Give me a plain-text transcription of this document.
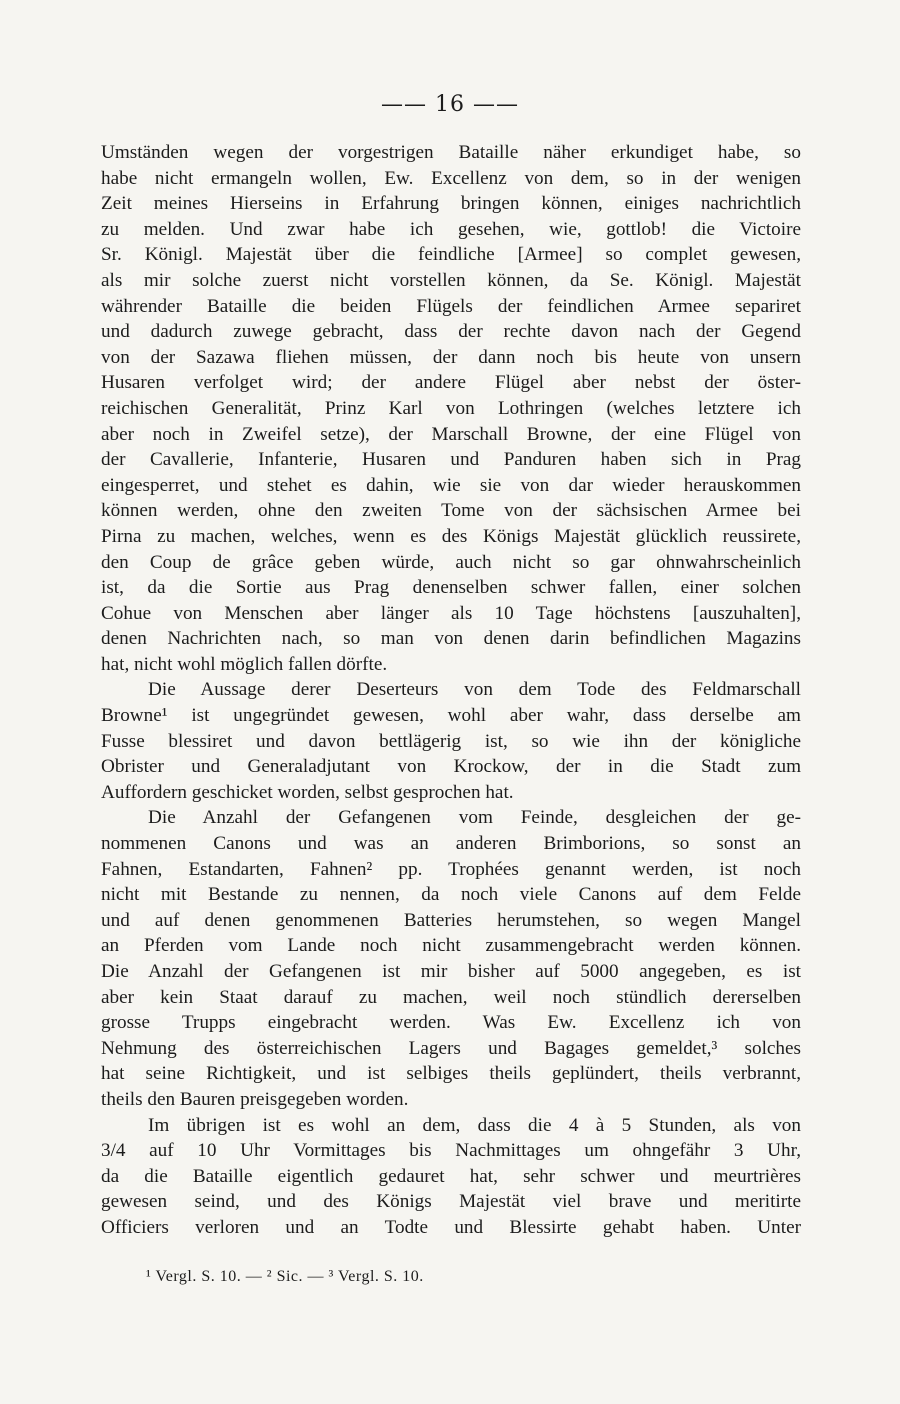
—— 16 ——

Umständen wegen der vorgestrigen Bataille näher erkundiget habe, so
habe nicht ermangeln wollen, Ew. Excellenz von dem, so in der wenigen
Zeit meines Hierseins in Erfahrung bringen können, einiges nachrichtlich
zu melden. Und zwar habe ich gesehen, wie, gottlob! die Victoire
Sr. Königl. Majestät über die feindliche [Armee] so complet gewesen,
als mir solche zuerst nicht vorstellen können, da Se. Königl. Majestät
währender Bataille die beiden Flügels der feindlichen Armee separiret
und dadurch zuwege gebracht, dass der rechte davon nach der Gegend
von der Sazawa fliehen müssen, der dann noch bis heute von unsern
Husaren verfolget wird; der andere Flügel aber nebst der öster-
reichischen Generalität, Prinz Karl von Lothringen (welches letztere ich
aber noch in Zweifel setze), der Marschall Browne, der eine Flügel von
der Cavallerie, Infanterie, Husaren und Panduren haben sich in Prag
eingesperret, und stehet es dahin, wie sie von dar wieder herauskommen
können werden, ohne den zweiten Tome von der sächsischen Armee bei
Pirna zu machen, welches, wenn es des Königs Majestät glücklich reussirete,
den Coup de grâce geben würde, auch nicht so gar ohnwahrscheinlich
ist, da die Sortie aus Prag denenselben schwer fallen, einer solchen
Cohue von Menschen aber länger als 10 Tage höchstens [auszuhalten],
denen Nachrichten nach, so man von denen darin befindlichen Magazins
hat, nicht wohl möglich fallen dörfte.

Die Aussage derer Deserteurs von dem Tode des Feldmarschall
Browne¹ ist ungegründet gewesen, wohl aber wahr, dass derselbe am
Fusse blessiret und davon bettlägerig ist, so wie ihn der königliche
Obrister und Generaladjutant von Krockow, der in die Stadt zum
Auffordern geschicket worden, selbst gesprochen hat.

Die Anzahl der Gefangenen vom Feinde, desgleichen der ge-
nommenen Canons und was an anderen Brimborions, so sonst an
Fahnen, Estandarten, Fahnen² pp. Trophées genannt werden, ist noch
nicht mit Bestande zu nennen, da noch viele Canons auf dem Felde
und auf denen genommenen Batteries herumstehen, so wegen Mangel
an Pferden vom Lande noch nicht zusammengebracht werden können.
Die Anzahl der Gefangenen ist mir bisher auf 5000 angegeben, es ist
aber kein Staat darauf zu machen, weil noch stündlich dererselben
grosse Trupps eingebracht werden. Was Ew. Excellenz ich von
Nehmung des österreichischen Lagers und Bagages gemeldet,³ solches
hat seine Richtigkeit, und ist selbiges theils geplündert, theils verbrannt,
theils den Bauren preisgegeben worden.

Im übrigen ist es wohl an dem, dass die 4 à 5 Stunden, als von
3/4 auf 10 Uhr Vormittages bis Nachmittages um ohngefähr 3 Uhr,
da die Bataille eigentlich gedauret hat, sehr schwer und meurtrières
gewesen seind, und des Königs Majestät viel brave und meritirte
Officiers verloren und an Todte und Blessirte gehabt haben. Unter

¹ Vergl. S. 10. — ² Sic. — ³ Vergl. S. 10.
